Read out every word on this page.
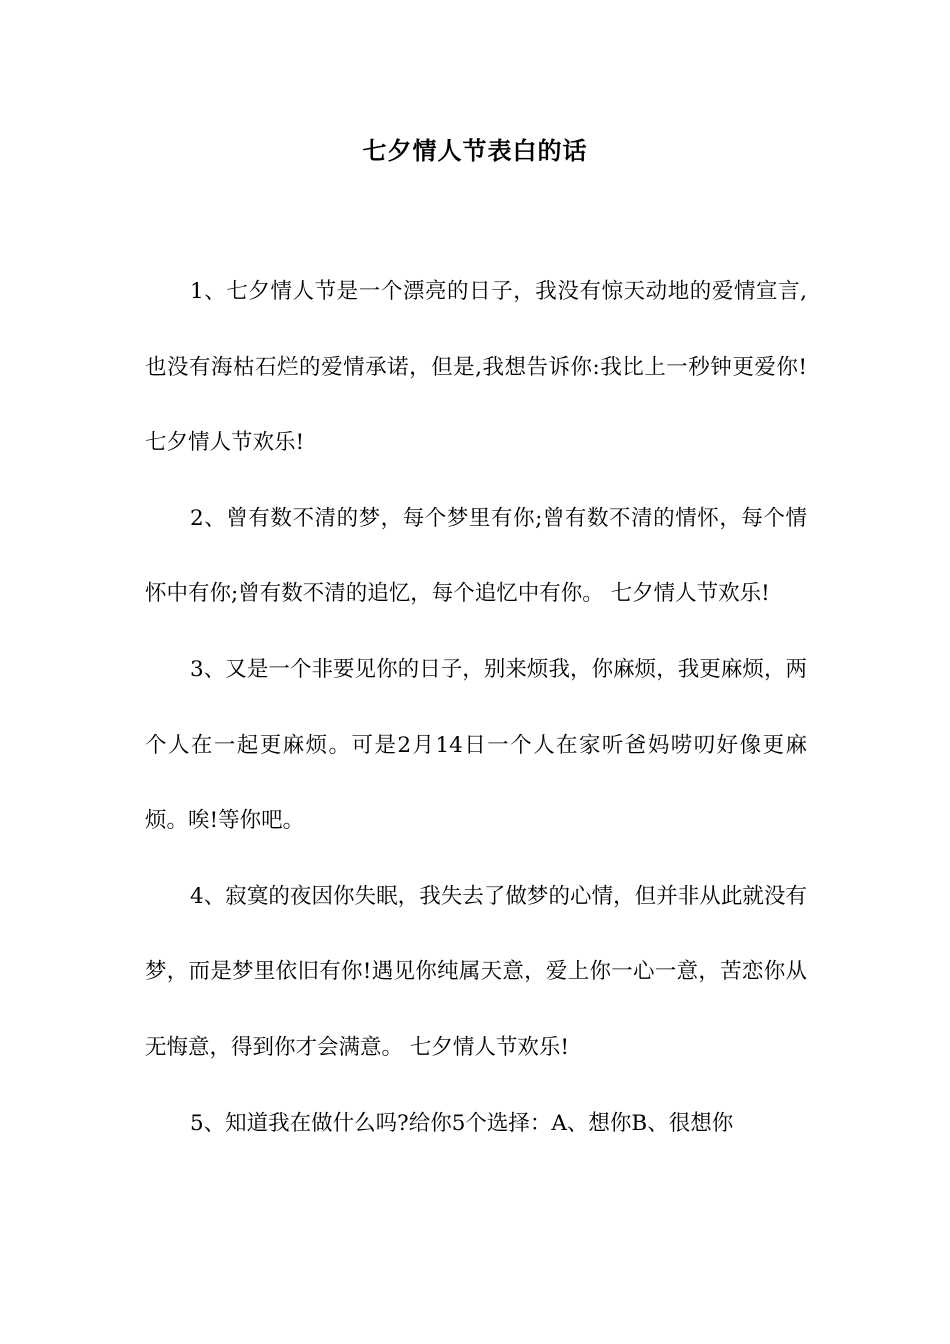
七夕情人节表白的话

1、七夕情人节是一个漂亮的日子，我没有惊天动地的爱情宣言,也没有海枯石烂的爱情承诺，但是,我想告诉你:我比上一秒钟更爱你!七夕情人节欢乐!

2、曾有数不清的梦，每个梦里有你;曾有数不清的情怀，每个情怀中有你;曾有数不清的追忆，每个追忆中有你。 七夕情人节欢乐!

3、又是一个非要见你的日子，别来烦我，你麻烦，我更麻烦，两个人在一起更麻烦。可是2月14日一个人在家听爸妈唠叨好像更麻烦。唉!等你吧。

4、寂寞的夜因你失眠，我失去了做梦的心情，但并非从此就没有梦，而是梦里依旧有你!遇见你纯属天意，爱上你一心一意，苦恋你从无悔意，得到你才会满意。 七夕情人节欢乐!

5、知道我在做什么吗?给你5个选择：A、想你B、很想你
